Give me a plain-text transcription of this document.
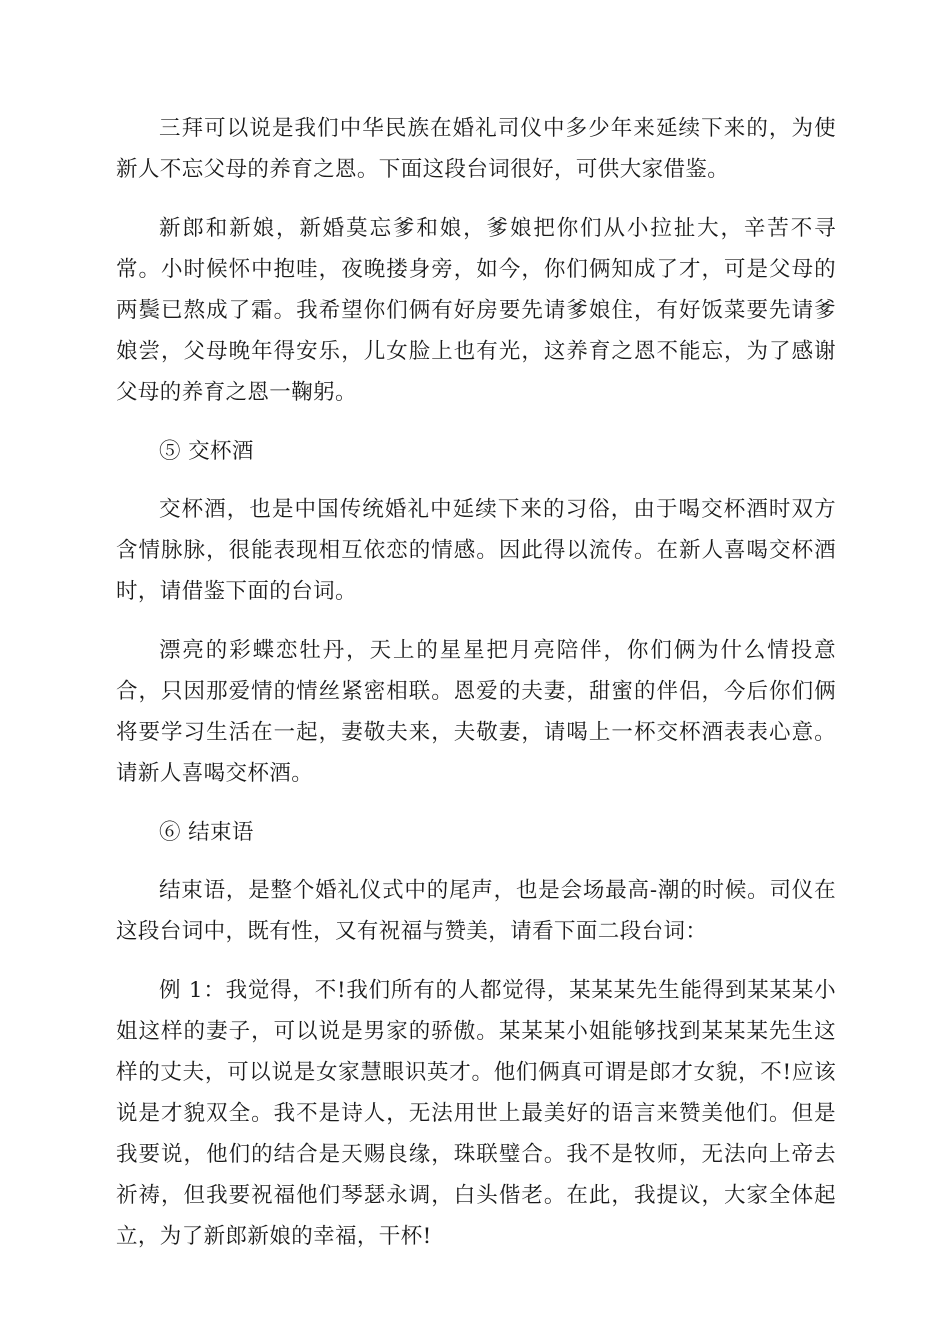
三拜可以说是我们中华民族在婚礼司仪中多少年来延续下来的，为使新人不忘父母的养育之恩。下面这段台词很好，可供大家借鉴。

新郎和新娘，新婚莫忘爹和娘，爹娘把你们从小拉扯大，辛苦不寻常。小时候怀中抱哇，夜晚搂身旁，如今，你们俩知成了才，可是父母的两鬓已熬成了霜。我希望你们俩有好房要先请爹娘住，有好饭菜要先请爹娘尝，父母晚年得安乐，儿女脸上也有光，这养育之恩不能忘，为了感谢父母的养育之恩一鞠躬。

⑤ 交杯酒

交杯酒，也是中国传统婚礼中延续下来的习俗，由于喝交杯酒时双方含情脉脉，很能表现相互依恋的情感。因此得以流传。在新人喜喝交杯酒时，请借鉴下面的台词。

漂亮的彩蝶恋牡丹，天上的星星把月亮陪伴，你们俩为什么情投意合，只因那爱情的情丝紧密相联。恩爱的夫妻，甜蜜的伴侣，今后你们俩将要学习生活在一起，妻敬夫来，夫敬妻，请喝上一杯交杯酒表表心意。请新人喜喝交杯酒。

⑥ 结束语

结束语，是整个婚礼仪式中的尾声，也是会场最高-潮的时候。司仪在这段台词中，既有性，又有祝福与赞美，请看下面二段台词：

例 1：我觉得，不!我们所有的人都觉得，某某某先生能得到某某某小姐这样的妻子，可以说是男家的骄傲。某某某小姐能够找到某某某先生这样的丈夫，可以说是女家慧眼识英才。他们俩真可谓是郎才女貌，不!应该说是才貌双全。我不是诗人，无法用世上最美好的语言来赞美他们。但是我要说，他们的结合是天赐良缘，珠联璧合。我不是牧师，无法向上帝去祈祷，但我要祝福他们琴瑟永调，白头偕老。在此，我提议，大家全体起立，为了新郎新娘的幸福，干杯!
